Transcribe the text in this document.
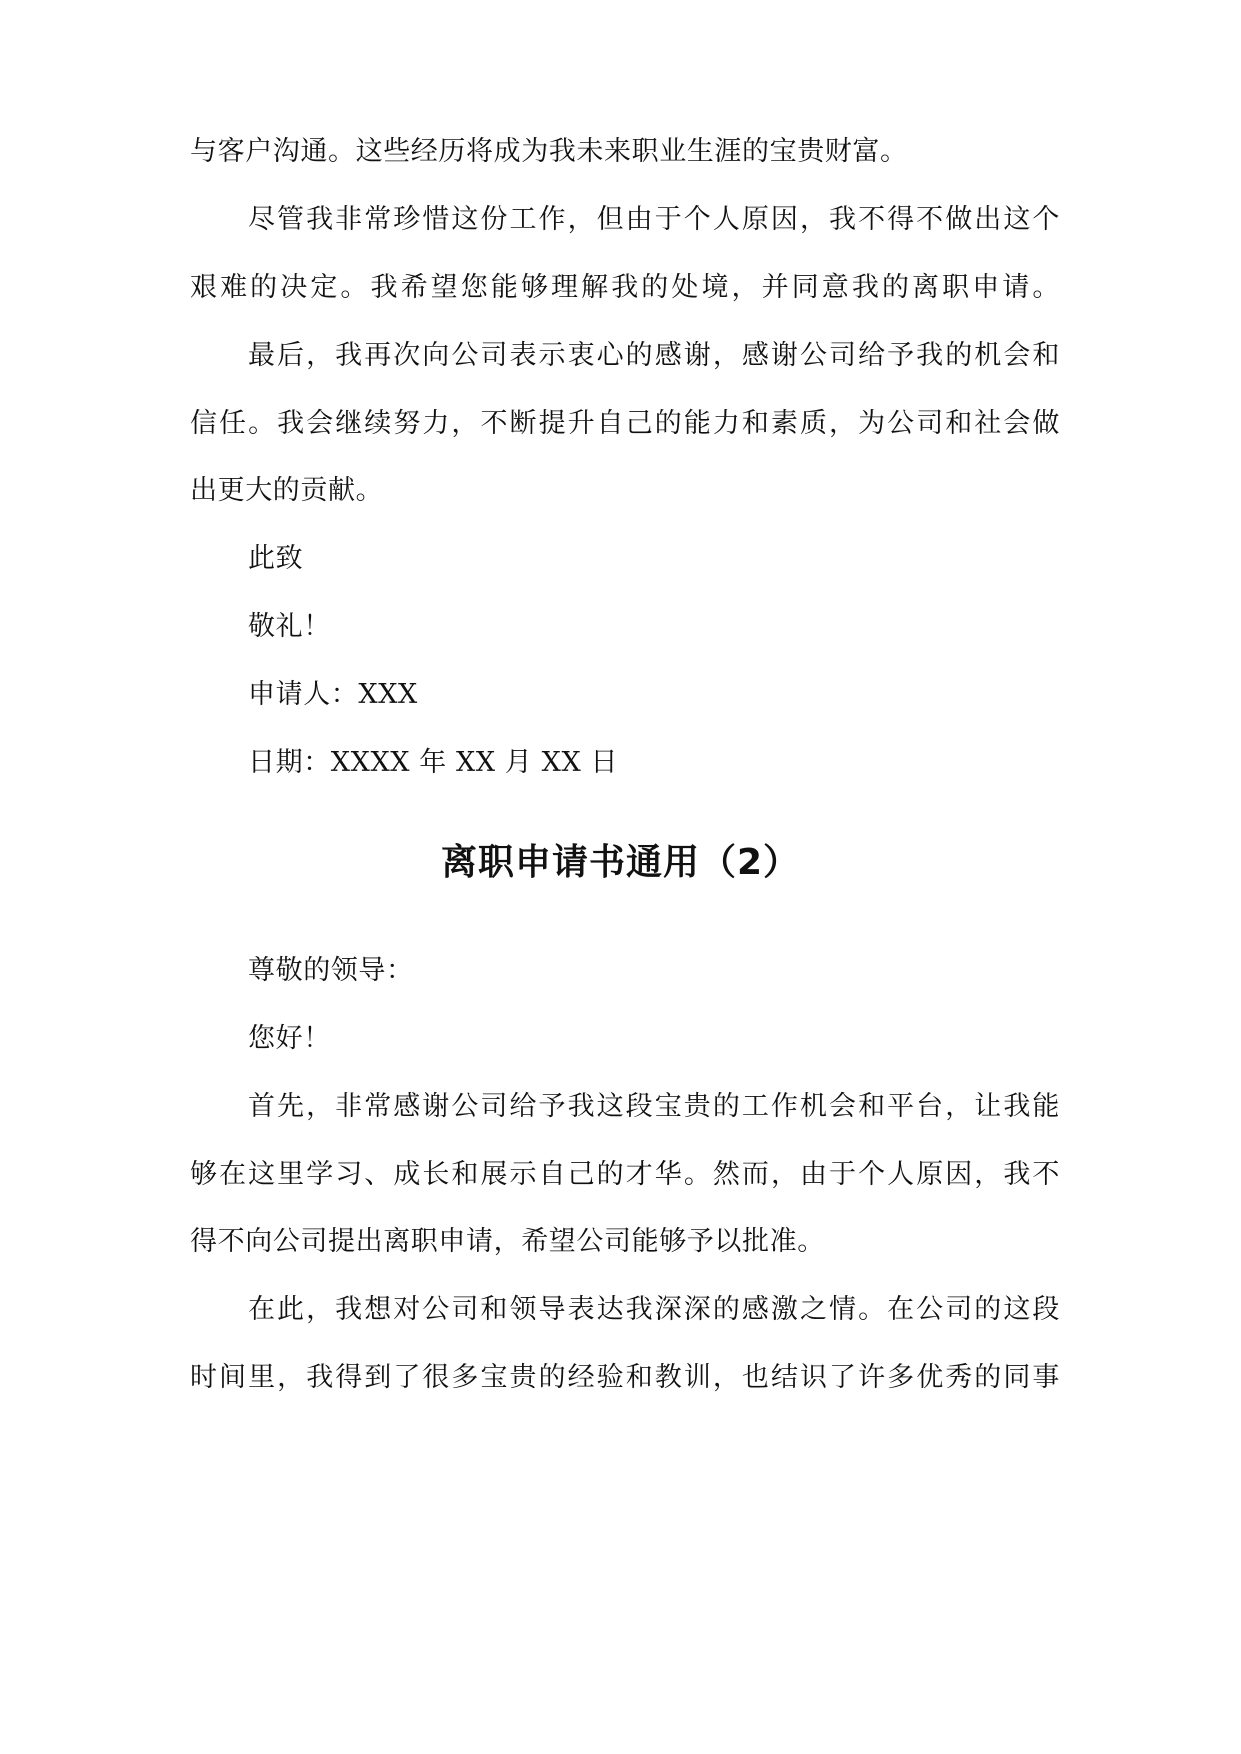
与客户沟通。这些经历将成为我未来职业生涯的宝贵财富。

尽管我非常珍惜这份工作，但由于个人原因，我不得不做出这个

艰难的决定。我希望您能够理解我的处境，并同意我的离职申请。

最后，我再次向公司表示衷心的感谢，感谢公司给予我的机会和

信任。我会继续努力，不断提升自己的能力和素质，为公司和社会做

出更大的贡献。

此致

敬礼！

申请人：XXX

日期：XXXX 年 XX 月 XX 日

离职申请书通用（2）

尊敬的领导：

您好！

首先，非常感谢公司给予我这段宝贵的工作机会和平台，让我能

够在这里学习、成长和展示自己的才华。然而，由于个人原因，我不

得不向公司提出离职申请，希望公司能够予以批准。

在此，我想对公司和领导表达我深深的感激之情。在公司的这段

时间里，我得到了很多宝贵的经验和教训，也结识了许多优秀的同事
